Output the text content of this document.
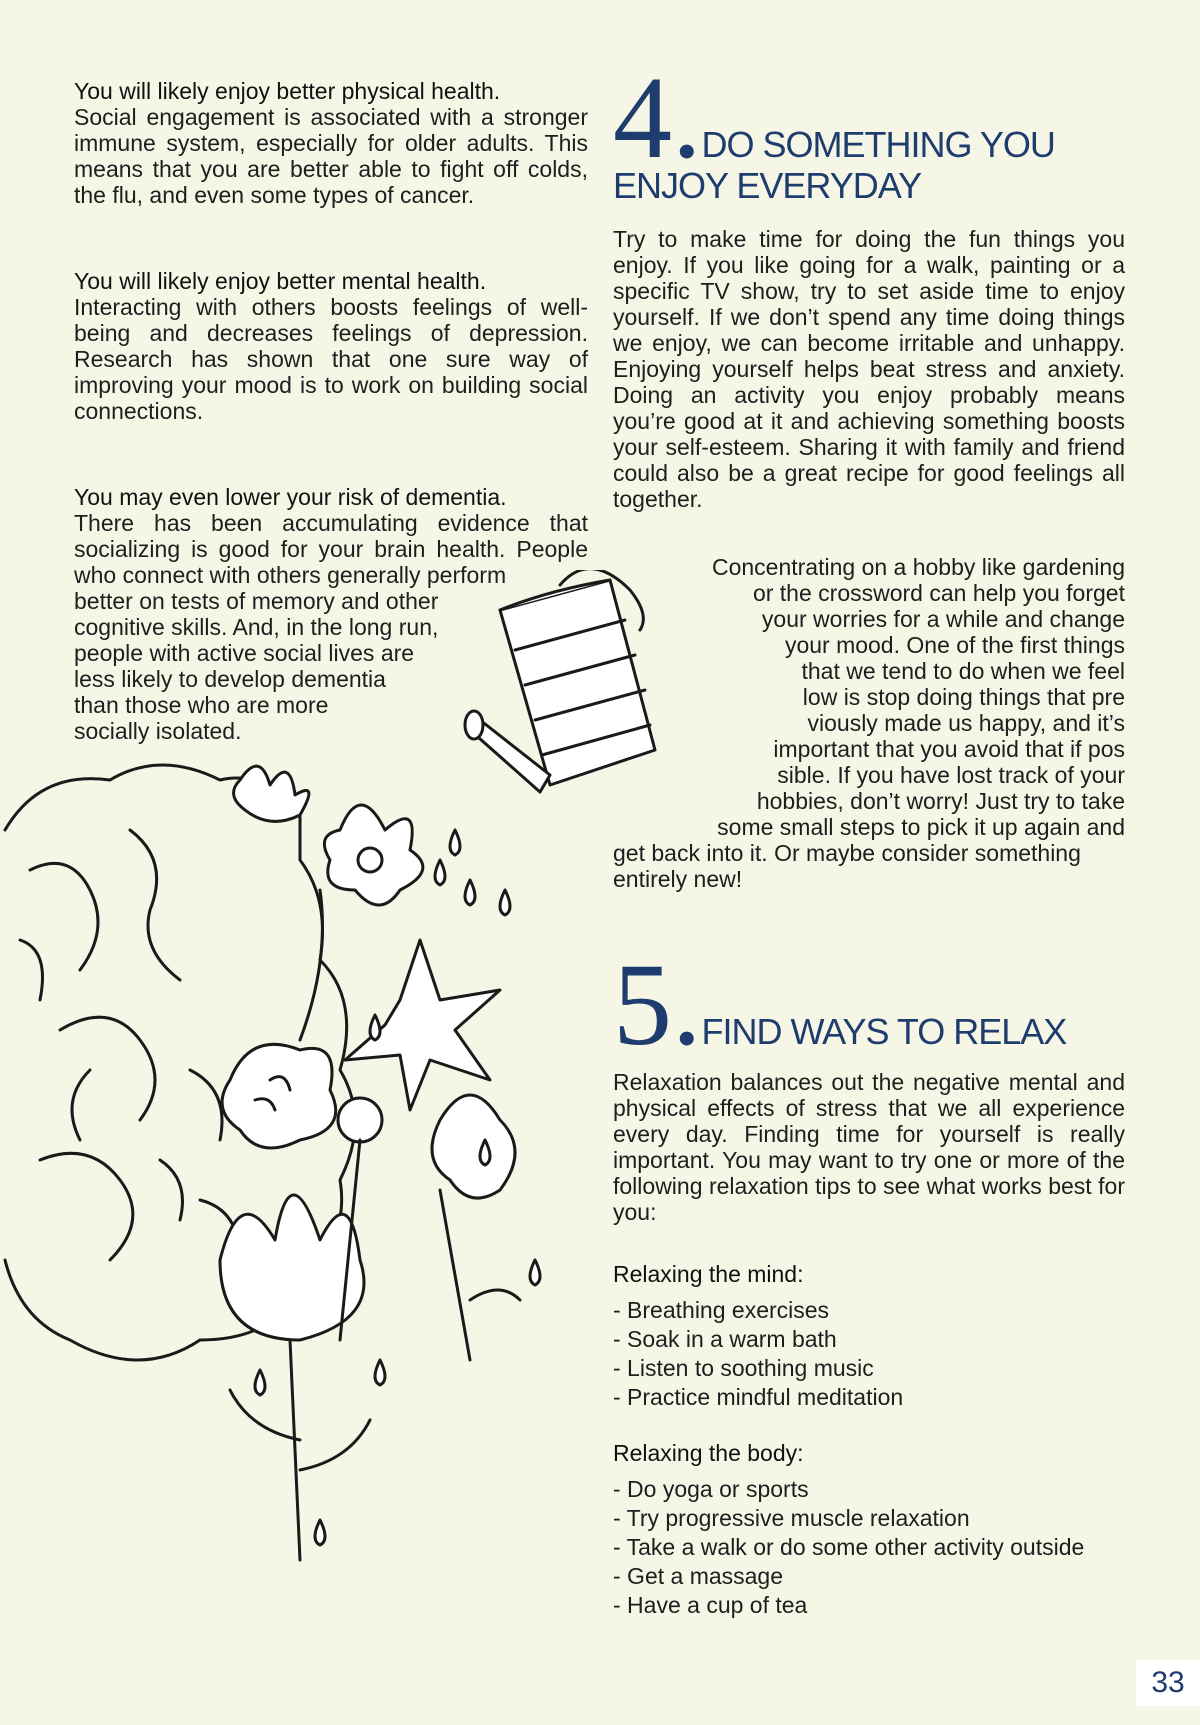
You will likely enjoy better physical health.
Social engagement is associated with a stronger immune system, especially for older adults. This means that you are better able to fight off colds, the flu, and even some types of cancer.

You will likely enjoy better mental health.
Interacting with others boosts feelings of well-being and decreases feelings of depression. Research has shown that one sure way of improving your mood is to work on building social connections.

You may even lower your risk of dementia.
There has been accumulating evidence that socializing is good for your brain health. People who connect with others generally perform

better on tests of memory and other
cognitive skills. And, in the long run,
people with active social lives are
less likely to develop dementia
than those who are more
socially isolated.
4.DO SOMETHING YOU
ENJOY EVERYDAY

Try to make time for doing the fun things you enjoy. If you like going for a walk, painting or a specific TV show, try to set aside time to enjoy yourself. If we don’t spend any time doing things we enjoy, we can become irritable and unhappy. Enjoying yourself helps beat stress and anxiety. Doing an activity you enjoy probably means you’re good at it and achieving something boosts your self-esteem. Sharing it with family and friend could also be a great recipe for good feelings all together.

Concentrating on a hobby like gardening
or the crossword can help you forget
your worries for a while and change
your mood. One of the first things
that we tend to do when we feel
low is stop doing things that pre
viously made us happy, and it’s
important that you avoid that if pos
sible. If you have lost track of your
hobbies, don’t worry! Just try to take
some small steps to pick it up again and
get back into it. Or maybe consider something
entirely new!
5.FIND WAYS TO RELAX

Relaxation balances out the negative mental and physical effects of stress that we all experience every day. Finding time for yourself is really important. You may want to try one or more of the following relaxation tips to see what works best for you:

Relaxing the mind:

- Breathing exercises
- Soak in a warm bath
- Listen to soothing music
- Practice mindful meditation

Relaxing the body:

- Do yoga or sports
- Try progressive muscle relaxation
- Take a walk or do some other activity outside
- Get a massage
- Have a cup of tea
33
